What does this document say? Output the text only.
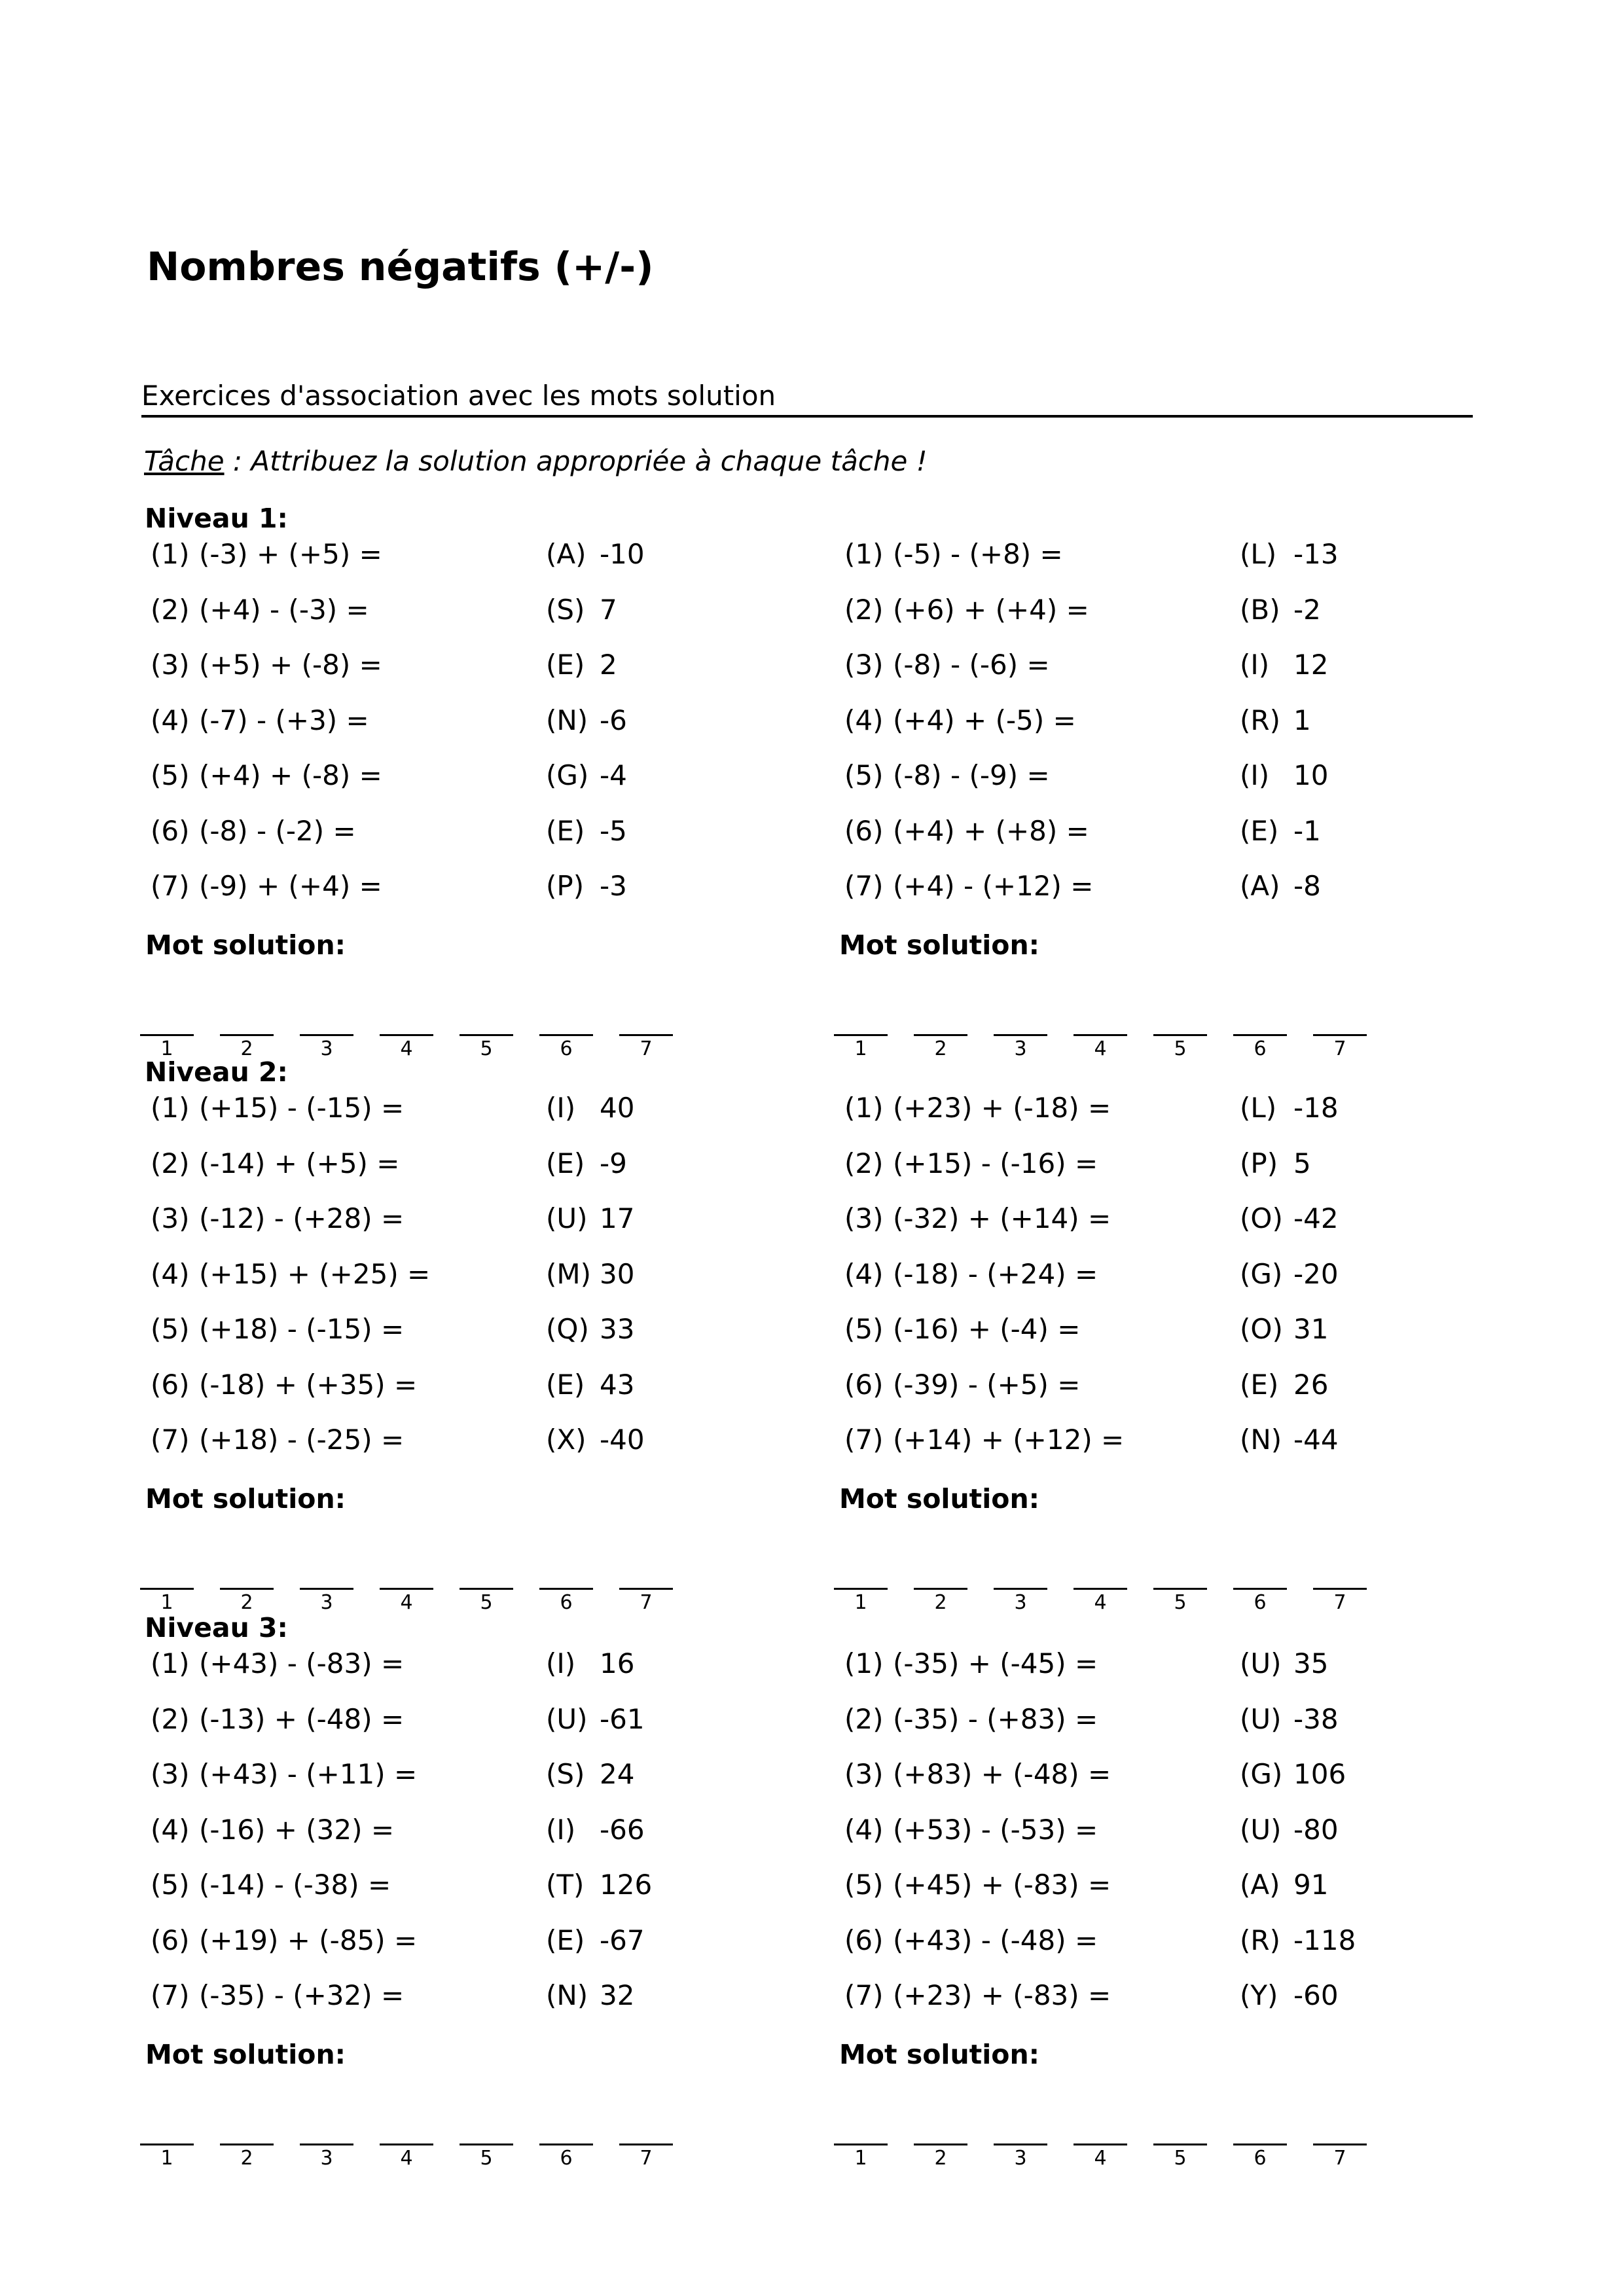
Nombres négatifs (+/-)
Exercices d'association avec les mots solution
Tâche : Attribuez la solution appropriée à chaque tâche !
Niveau 1:
(1) (-3) + (+5) =	(A) -10
(2) (+4) - (-3) =	(S) 7
(3) (+5) + (-8) =	(E) 2
(4) (-7) - (+3) =	(N) -6
(5) (+4) + (-8) =	(G) -4
(6) (-8) - (-2) =	(E) -5
(7) (-9) + (+4) =	(P) -3
Mot solution:
1	2	3	4	5	6	7
(1) (-5) - (+8) =	(L) -13
(2) (+6) + (+4) =	(B) -2
(3) (-8) - (-6) =	(I) 12
(4) (+4) + (-5) =	(R) 1
(5) (-8) - (-9) =	(I) 10
(6) (+4) + (+8) =	(E) -1
(7) (+4) - (+12) =	(A) -8
Mot solution:
1	2	3	4	5	6	7
Niveau 2:
(1) (+15) - (-15) =	(I) 40
(2) (-14) + (+5) =	(E) -9
(3) (-12) - (+28) =	(U) 17
(4) (+15) + (+25) =	(M) 30
(5) (+18) - (-15) =	(Q) 33
(6) (-18) + (+35) =	(E) 43
(7) (+18) - (-25) =	(X) -40
Mot solution:
1	2	3	4	5	6	7
(1) (+23) + (-18) =	(L) -18
(2) (+15) - (-16) =	(P) 5
(3) (-32) + (+14) =	(O) -42
(4) (-18) - (+24) =	(G) -20
(5) (-16) + (-4) =	(O) 31
(6) (-39) - (+5) =	(E) 26
(7) (+14) + (+12) =	(N) -44
Mot solution:
1	2	3	4	5	6	7
Niveau 3:
(1) (+43) - (-83) =	(I) 16
(2) (-13) + (-48) =	(U) -61
(3) (+43) - (+11) =	(S) 24
(4) (-16) + (32) =	(I) -66
(5) (-14) - (-38) =	(T) 126
(6) (+19) + (-85) =	(E) -67
(7) (-35) - (+32) =	(N) 32
Mot solution:
1	2	3	4	5	6	7
(1) (-35) + (-45) =	(U) 35
(2) (-35) - (+83) =	(U) -38
(3) (+83) + (-48) =	(G) 106
(4) (+53) - (-53) =	(U) -80
(5) (+45) + (-83) =	(A) 91
(6) (+43) - (-48) =	(R) -118
(7) (+23) + (-83) =	(Y) -60
Mot solution:
1	2	3	4	5	6	7
